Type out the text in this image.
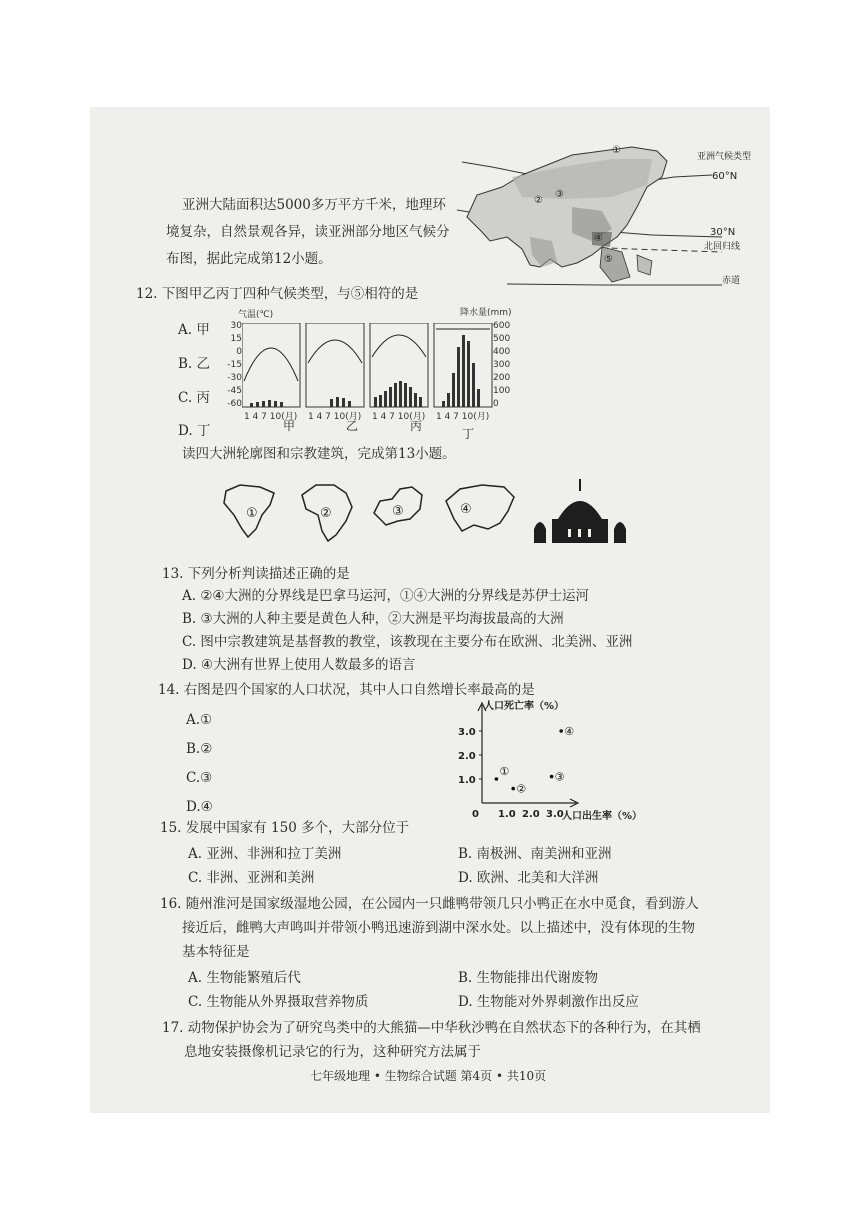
亚洲大陆面积达5000多万平方千米，地理环
境复杂，自然景观各异，读亚洲部分地区气候分
布图，据此完成第12小题。
①
②
③
④
⑤
亚洲气候类型
60°N
30°N
北回归线
赤道
12. 下图甲乙丙丁四种气候类型，与⑤相符的是
A. 甲
B. 乙
C. 丙
D. 丁
气温(℃)	降水量(mm)
30
15
0
-15
-30
-45
-60
600
500
400
300
200
100
0
1 4 7 10(月) 1 4 7 10(月) 1 4 7 10(月) 1 4 7 10(月)
甲	乙	丙
丁
读四大洲轮廓图和宗教建筑，完成第13小题。
①	②	③	④
13. 下列分析判读描述正确的是
A. ②④大洲的分界线是巴拿马运河，①④大洲的分界线是苏伊士运河
B. ③大洲的人种主要是黄色人种，②大洲是平均海拔最高的大洲
C. 图中宗教建筑是基督教的教堂，该教现在主要分布在欧洲、北美洲、亚洲
D. ④大洲有世界上使用人数最多的语言
14. 右图是四个国家的人口状况，其中人口自然增长率最高的是
A.①
B.②
C.③
D.④
人口死亡率（%）
人口出生率（%）
3.0
2.0
1.0
0 1.0 2.0 3.0
①
②
③
④
15. 发展中国家有 150 多个，大部分位于
A. 亚洲、非洲和拉丁美洲	B. 南极洲、南美洲和亚洲
C. 非洲、亚洲和美洲	D. 欧洲、北美和大洋洲
16. 随州淮河是国家级湿地公园，在公园内一只雌鸭带领几只小鸭正在水中觅食，看到游人
接近后，雌鸭大声鸣叫并带领小鸭迅速游到湖中深水处。以上描述中，没有体现的生物
基本特征是
A. 生物能繁殖后代	B. 生物能排出代谢废物
C. 生物能从外界摄取营养物质	D. 生物能对外界刺激作出反应
17. 动物保护协会为了研究鸟类中的大熊猫—中华秋沙鸭在自然状态下的各种行为，在其栖
息地安装摄像机记录它的行为，这种研究方法属于
七年级地理 • 生物综合试题 第4页 • 共10页
